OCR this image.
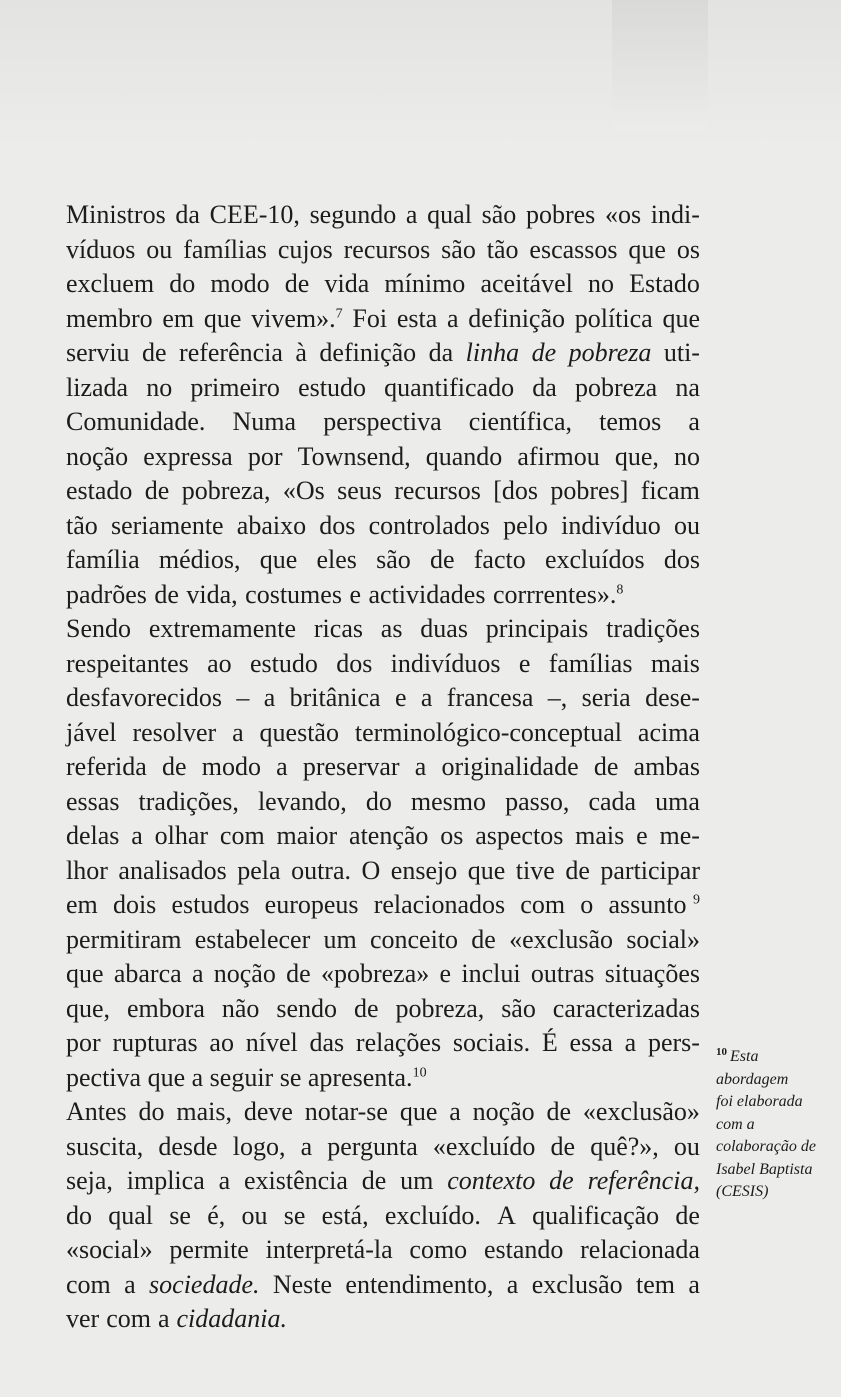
Ministros da CEE-10, segundo a qual são pobres «os indi-
víduos ou famílias cujos recursos são tão escassos que os
excluem do modo de vida mínimo aceitável no Estado
membro em que vivem».$^7$ Foi esta a definição política que
serviu de referência à definição da linha de pobreza uti-
lizada no primeiro estudo quantificado da pobreza na
Comunidade. Numa perspectiva científica, temos a
noção expressa por Townsend, quando afirmou que, no
estado de pobreza, «Os seus recursos [dos pobres] ficam
tão seriamente abaixo dos controlados pelo indivíduo ou
família médios, que eles são de facto excluídos dos
padrões de vida, costumes e actividades corrrentes».$^8$
Sendo extremamente ricas as duas principais tradições
respeitantes ao estudo dos indivíduos e famílias mais
desfavorecidos – a britânica e a francesa –, seria dese-
jável resolver a questão terminológico-conceptual acima
referida de modo a preservar a originalidade de ambas
essas tradições, levando, do mesmo passo, cada uma
delas a olhar com maior atenção os aspectos mais e me-
lhor analisados pela outra. O ensejo que tive de participar
em dois estudos europeus relacionados com o assunto $^9$
permitiram estabelecer um conceito de «exclusão social»
que abarca a noção de «pobreza» e inclui outras situações
que, embora não sendo de pobreza, são caracterizadas
por rupturas ao nível das relações sociais. É essa a pers-
pectiva que a seguir se apresenta.$^{10}$
Antes do mais, deve notar-se que a noção de «exclusão»
suscita, desde logo, a pergunta «excluído de quê?», ou
seja, implica a existência de um contexto de referência,
do qual se é, ou se está, excluído. A qualificação de
«social» permite interpretá-la como estando relacionada
com a sociedade. Neste entendimento, a exclusão tem a
ver com a cidadania.
$^{10}$ Esta
abordagem
foi elaborada
com a
colaboração de
Isabel Baptista
(CESIS)
